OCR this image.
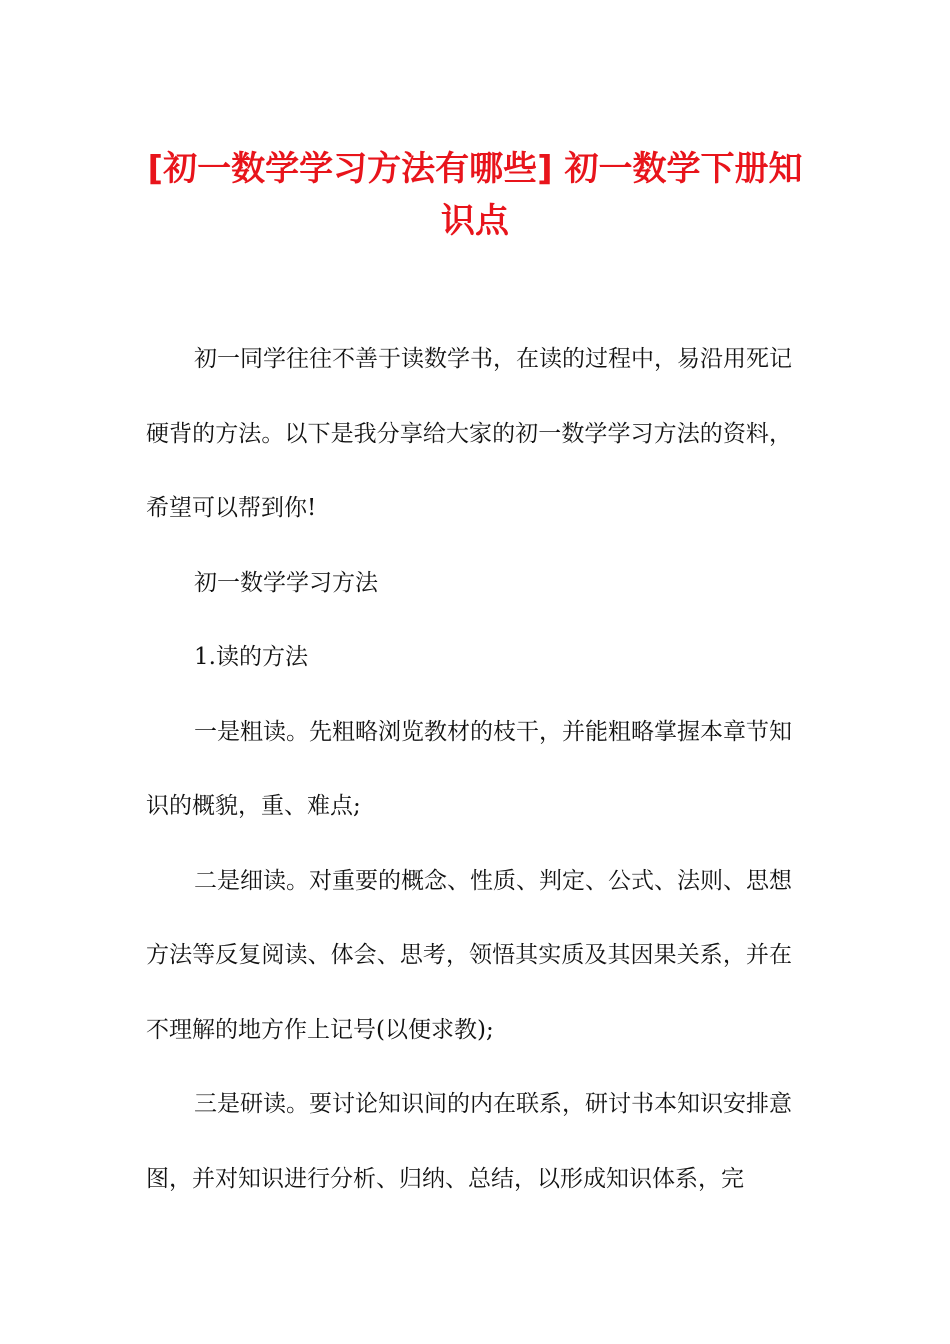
[初一数学学习方法有哪些] 初一数学下册知识点

初一同学往往不善于读数学书，在读的过程中，易沿用死记硬背的方法。以下是我分享给大家的初一数学学习方法的资料，希望可以帮到你!

初一数学学习方法

1.读的方法

一是粗读。先粗略浏览教材的枝干，并能粗略掌握本章节知识的概貌，重、难点;

二是细读。对重要的概念、性质、判定、公式、法则、思想方法等反复阅读、体会、思考，领悟其实质及其因果关系，并在不理解的地方作上记号(以便求教);

三是研读。要讨论知识间的内在联系，研讨书本知识安排意图，并对知识进行分析、归纳、总结，以形成知识体系，完
